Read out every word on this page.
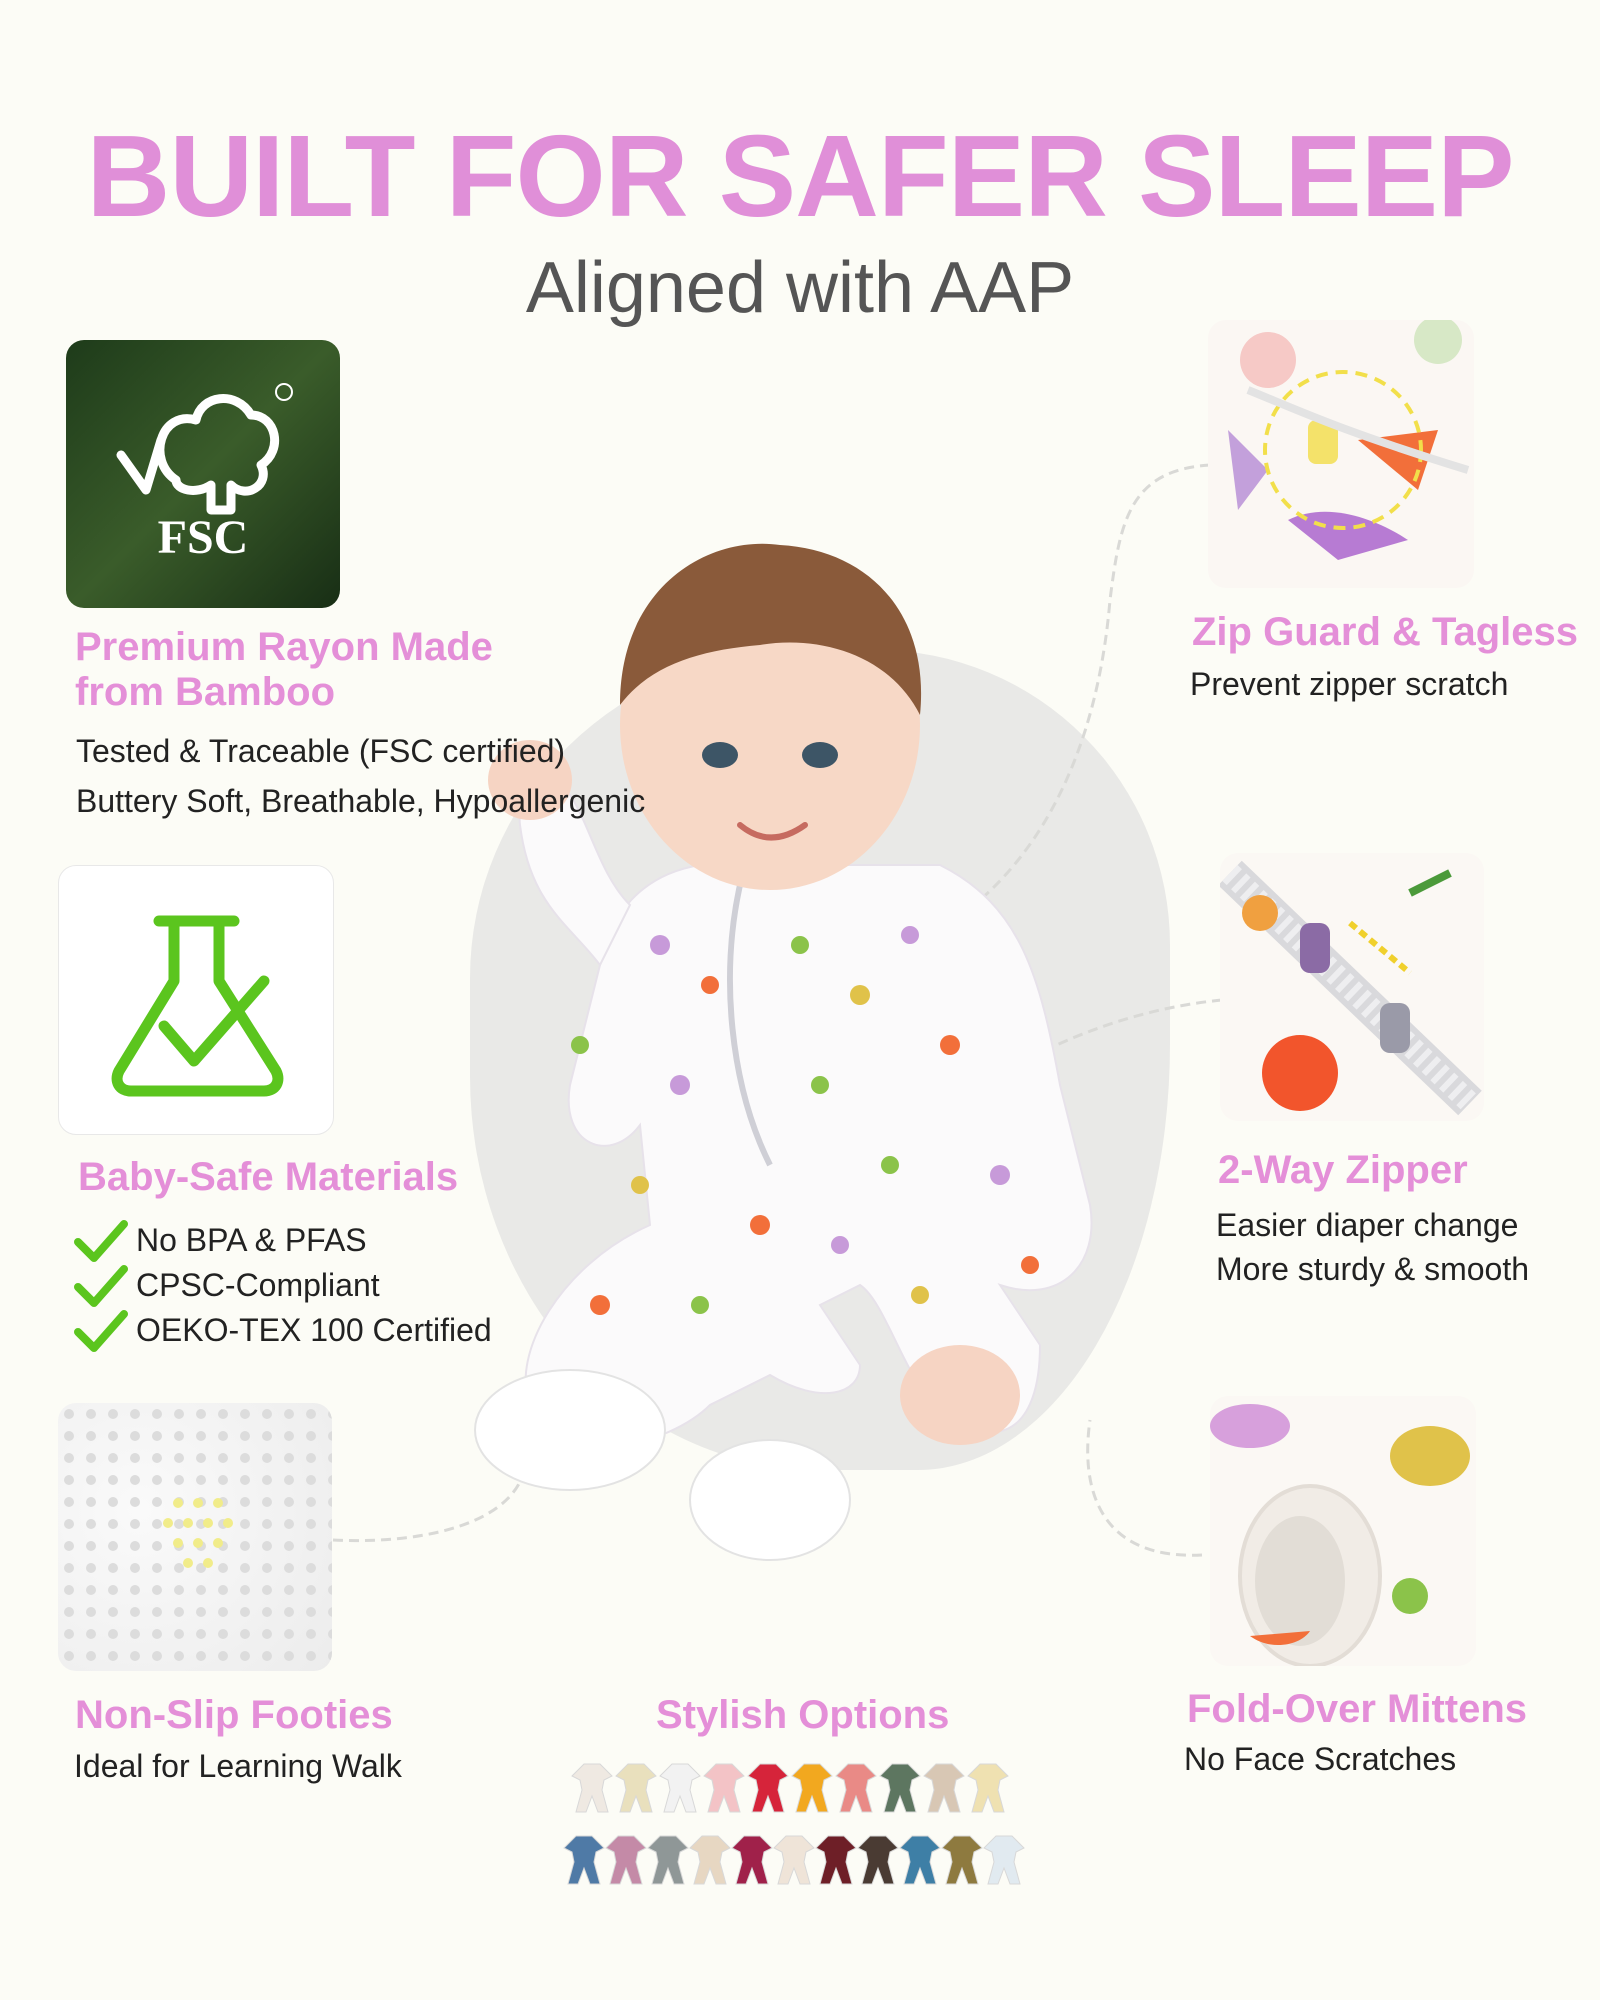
BUILT FOR SAFER SLEEP
Aligned with AAP
FSC
Premium Rayon Made from Bamboo
Tested & Traceable (FSC certified)
Buttery Soft, Breathable, Hypoallergenic
Baby-Safe Materials
No BPA & PFAS
CPSC-Compliant
OEKO-TEX 100 Certified
Non-Slip Footies
Ideal for Learning Walk
Stylish Options
Zip Guard & Tagless
Prevent zipper scratch
2-Way Zipper
Easier diaper change
More sturdy & smooth
Fold-Over Mittens
No Face Scratches
